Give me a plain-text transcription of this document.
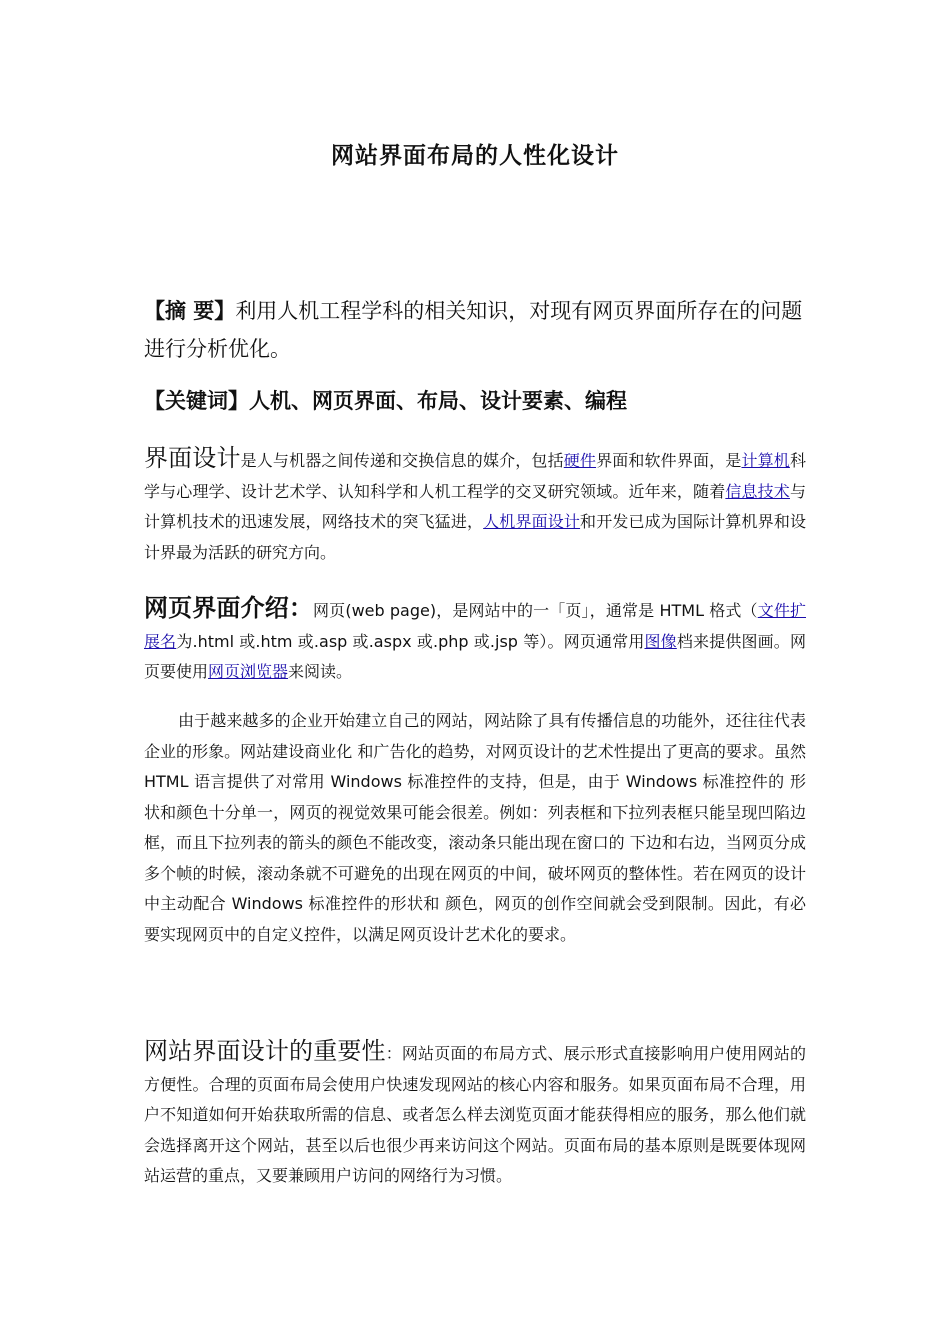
网站界面布局的人性化设计
【摘 要】利用人机工程学科的相关知识，对现有网页界面所存在的问题进行分析优化。
【关键词】人机、网页界面、布局、设计要素、编程
界面设计是人与机器之间传递和交换信息的媒介，包括硬件界面和软件界面，是计算机科学与心理学、设计艺术学、认知科学和人机工程学的交叉研究领域。近年来，随着信息技术与计算机技术的迅速发展，网络技术的突飞猛进，人机界面设计和开发已成为国际计算机界和设计界最为活跃的研究方向。
网页界面介绍：网页(web page)，是网站中的一「页」，通常是 HTML 格式（文件扩展名为.html 或.htm 或.asp 或.aspx 或.php 或.jsp 等）。网页通常用图像档来提供图画。网页要使用网页浏览器来阅读。
由于越来越多的企业开始建立自己的网站，网站除了具有传播信息的功能外，还往往代表企业的形象。网站建设商业化 和广告化的趋势，对网页设计的艺术性提出了更高的要求。虽然 HTML 语言提供了对常用 Windows 标准控件的支持，但是，由于 Windows 标准控件的 形状和颜色十分单一，网页的视觉效果可能会很差。例如：列表框和下拉列表框只能呈现凹陷边框，而且下拉列表的箭头的颜色不能改变，滚动条只能出现在窗口的 下边和右边，当网页分成多个帧的时候，滚动条就不可避免的出现在网页的中间，破坏网页的整体性。若在网页的设计中主动配合 Windows 标准控件的形状和 颜色，网页的创作空间就会受到限制。因此，有必要实现网页中的自定义控件，以满足网页设计艺术化的要求。
网站界面设计的重要性：网站页面的布局方式、展示形式直接影响用户使用网站的方便性。合理的页面布局会使用户快速发现网站的核心内容和服务。如果页面布局不合理，用户不知道如何开始获取所需的信息、或者怎么样去浏览页面才能获得相应的服务，那么他们就会选择离开这个网站，甚至以后也很少再来访问这个网站。页面布局的基本原则是既要体现网站运营的重点，又要兼顾用户访问的网络行为习惯。
